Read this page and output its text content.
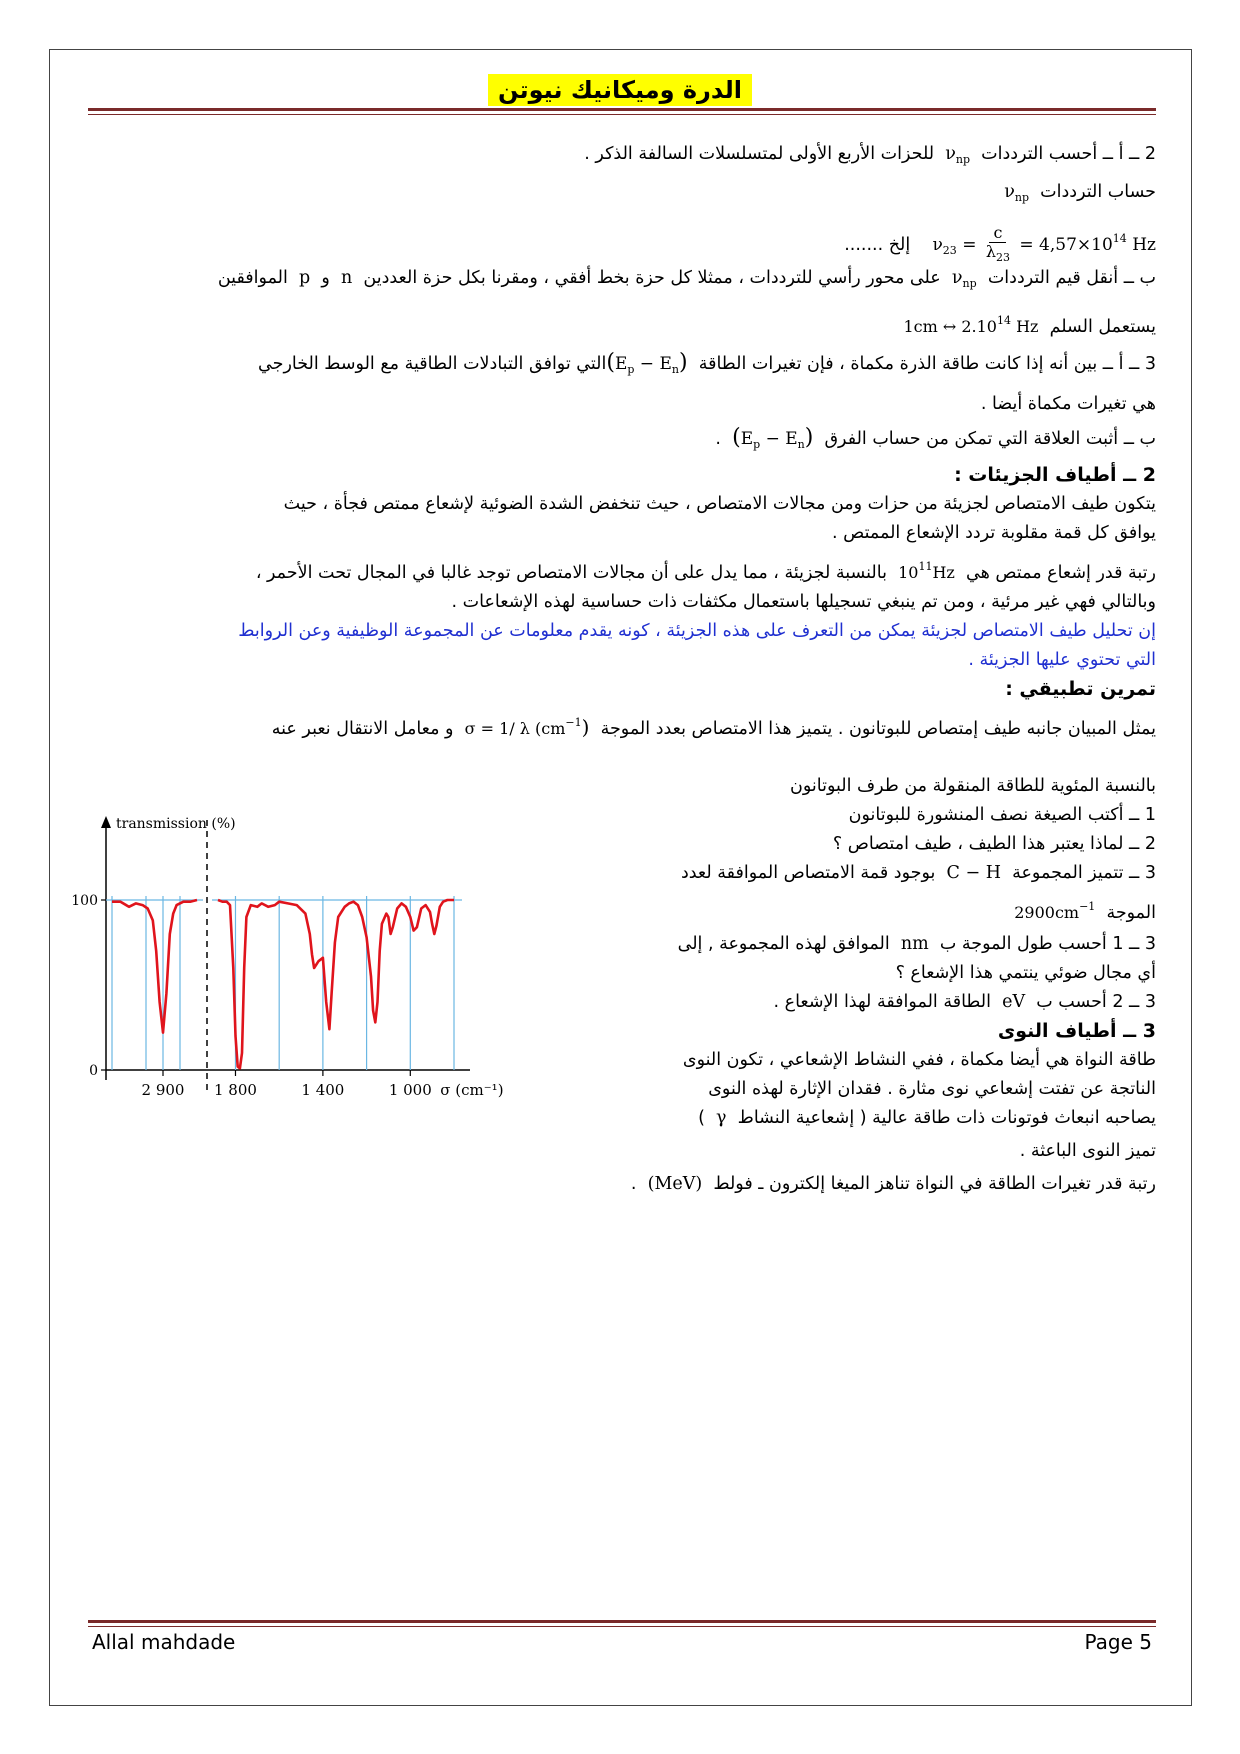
الدرة وميكانيك نيوتن
2 ــ أ ــ أحسب الترددات  $\nu_{np}$  للحزات الأربع الأولى لمتسلسلات السالفة الذكر .
حساب الترددات  $\nu_{np}$
$\nu_{23} = \frac{c}{\lambda_{23}} = 4,57\times 10^{14}$ Hz    إلخ .......
ب ــ أنقل قيم الترددات  $\nu_{np}$  على محور رأسي للترددات ، ممثلا كل حزة بخط أفقي ، ومقرنا بكل حزة العددين  n  و  p  الموافقين
يستعمل السلم  1cm ↔ 2.10$^{14}$ Hz
3 ــ أ ــ بين أنه إذا كانت طاقة الذرة مكماة ، فإن تغيرات الطاقة  ($E_p$ − $E_n)التي$ توافق التبادلات الطاقية مع الوسط الخارجي
هي تغيرات مكماة أيضا .
ب ــ أثبت العلاقة التي تمكن من حساب الفرق  $(E_p - E_n)$  .
2 ــ أطياف الجزيئات :
يتكون طيف الامتصاص لجزيئة من حزات ومن مجالات الامتصاص ، حيث تنخفض الشدة الضوئية لإشعاع ممتص فجأة ، حيث
يوافق كل قمة مقلوبة تردد الإشعاع الممتص .
رتبة قدر إشعاع ممتص هي  $10^{11}Hz$  بالنسبة لجزيئة ، مما يدل على أن مجالات الامتصاص توجد غالبا في المجال تحت الأحمر ،
وبالتالي فهي غير مرئية ، ومن تم ينبغي تسجيلها باستعمال مكثفات ذات حساسية لهذه الإشعاعات .
إن تحليل طيف الامتصاص لجزيئة يمكن من التعرف على هذه الجزيئة ، كونه يقدم معلومات عن المجموعة الوظيفية وعن الروابط
التي تحتوي عليها الجزيئة .
تمرين تطبيقي :
يمثل المبيان جانبه طيف إمتصاص للبوتانون . يتميز هذا الامتصاص بعدد الموجة  σ = 1/ λ $(cm^{-1})$  و معامل الانتقال نعبر عنه
بالنسبة المئوية للطاقة المنقولة من طرف البوتانون
1 ــ أكتب الصيغة نصف المنشورة للبوتانون
2 ــ لماذا يعتبر هذا الطيف ، طيف امتصاص ؟
3 ــ تتميز المجموعة  C − H  بوجود قمة الامتصاص الموافقة لعدد
الموجة  $2900cm^{-1}$
3 ــ 1 أحسب طول الموجة ب  nm  الموافق لهذه المجموعة , إلى
أي مجال ضوئي ينتمي هذا الإشعاع ؟
3 ــ 2 أحسب ب  eV  الطاقة الموافقة لهذا الإشعاع .
3 ــ أطياف النوى
طاقة النواة هي أيضا مكماة ، ففي النشاط الإشعاعي ، تكون النوى
الناتجة عن تفتت إشعاعي نوى مثارة . فقدان الإثارة لهذه النوى
يصاحبه انبعاث فوتونات ذات طاقة عالية ( إشعاعية النشاط  γ  )
تميز النوى الباعثة .
رتبة قدر تغيرات الطاقة في النواة تناهز الميغا إلكترون ـ فولط  (MeV)  .
transmission (%)
100
0
2 900 1 800	1 400	1 000 σ (cm⁻¹)
Allal mahdade	Page 5
